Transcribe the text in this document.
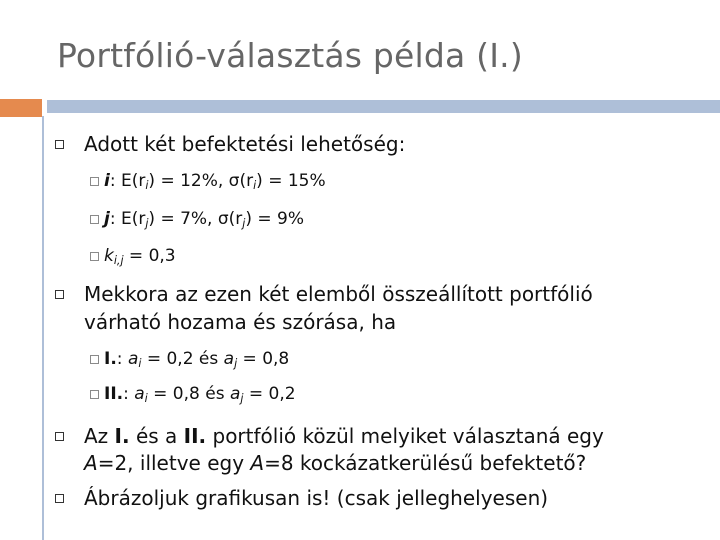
Portfólió-választás példa (I.)
Adott két befektetési lehetőség:
i: $E(r_i) = 12\%$, $\sigma(r_i) = 15\%$
j: $E(r_j) = 7\%$, $\sigma(r_j) = 9\%$
$k_{i,j} = 0,3$
Mekkora az ezen két elemből összeállított portfólió
várható hozama és szórása, ha
I.: $a_i = 0,2$ és $a_j = 0,8$
II.: $a_i = 0,8$ és $a_j = 0,2$
Az I. és a II. portfólió közül melyiket választaná egy
A=2, illetve egy A=8 kockázatkerülésű befektető?
Ábrázoljuk grafikusan is! (csak jelleghelyesen)
